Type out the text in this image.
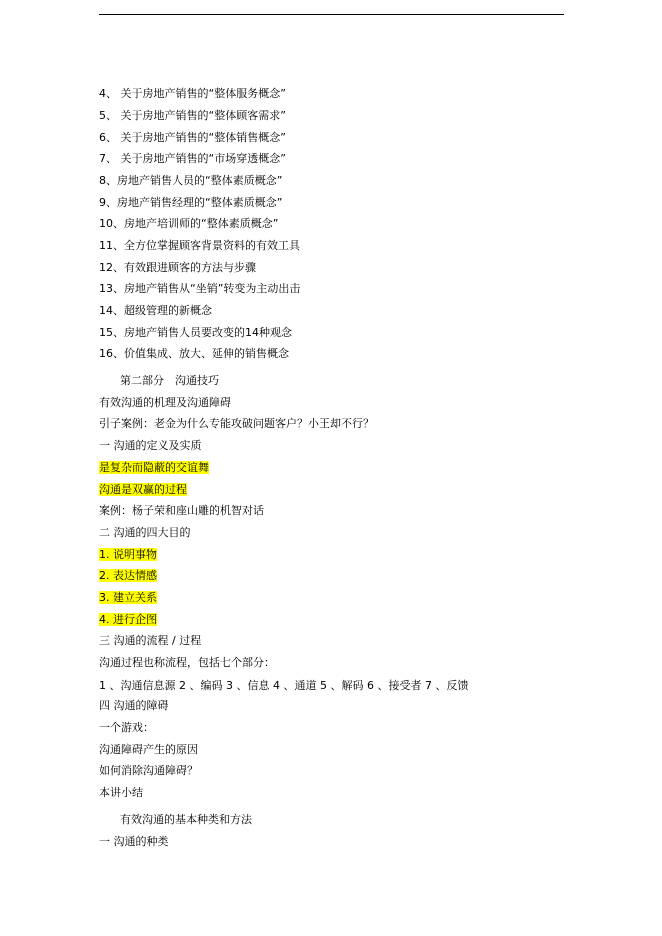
4、 关于房地产销售的“整体服务概念”
5、 关于房地产销售的“整体顾客需求”
6、 关于房地产销售的“整体销售概念”
7、 关于房地产销售的“市场穿透概念”
8、房地产销售人员的“整体素质概念”
9、房地产销售经理的“整体素质概念”
10、房地产培训师的“整体素质概念”
11、全方位掌握顾客背景资料的有效工具
12、有效跟进顾客的方法与步骤
13、房地产销售从“坐销”转变为主动出击
14、超级管理的新概念
15、房地产销售人员要改变的14种观念
16、价值集成、放大、延伸的销售概念
第二部分　沟通技巧
有效沟通的机理及沟通障碍
引子案例：老金为什么专能攻破问题客户？小王却不行？
一 沟通的定义及实质
是复杂而隐蔽的交谊舞
沟通是双赢的过程
案例：杨子荣和座山雕的机智对话
二 沟通的四大目的
1. 说明事物
2. 表达情感
3. 建立关系
4. 进行企图
三 沟通的流程 / 过程
沟通过程也称流程，包括七个部分：
1 、沟通信息源 2 、编码 3 、信息 4 、通道 5 、解码 6 、接受者 7 、反馈
四 沟通的障碍
一个游戏：
沟通障碍产生的原因
如何消除沟通障碍？
本讲小结
有效沟通的基本种类和方法
一 沟通的种类
